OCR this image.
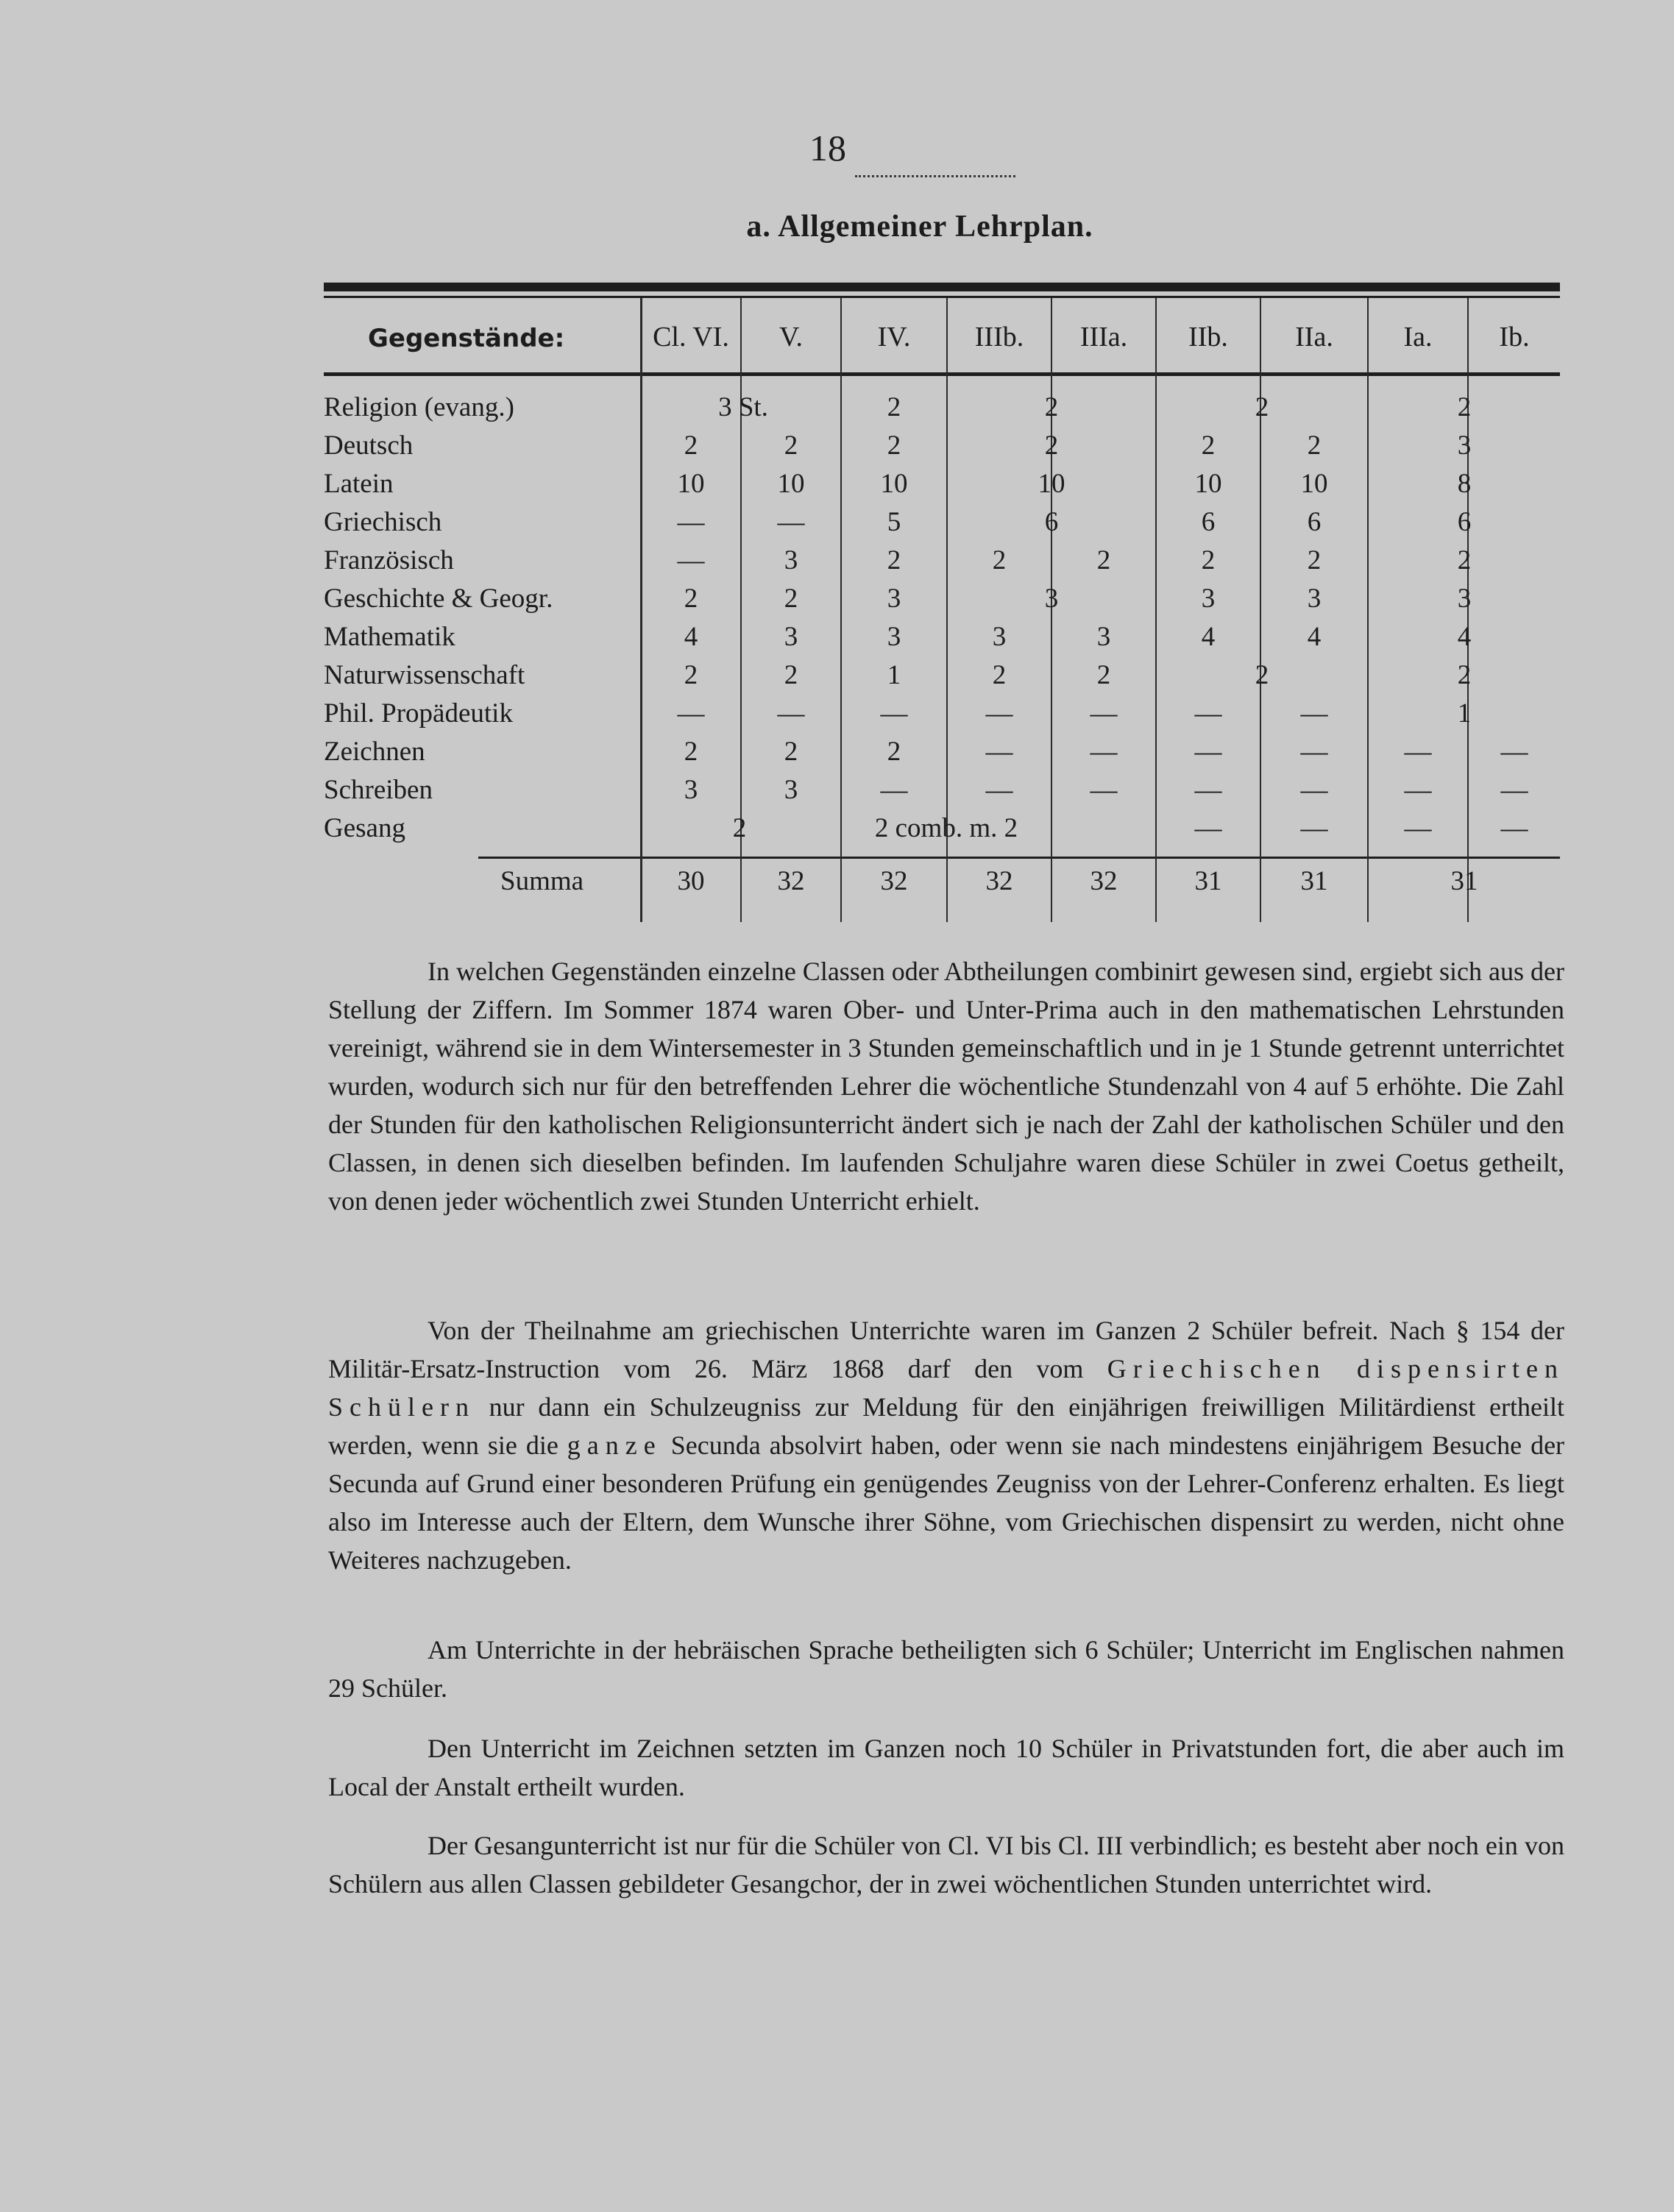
18
a. Allgemeiner Lehrplan.
Gegenstände:	Cl. VI.	V.	IV.	IIIb.	IIIa.	IIb.	IIa.	Ia.	Ib.
Religion (evang.)	3 St.	2	2	2	2
Deutsch	2	2	2	2	2	2	3
Latein	10	10	10	10	10	10	8
Griechisch	—	—	5	6	6	6	6
Französisch	—	3	2	2	2	2	2	2
Geschichte & Geogr.	2	2	3	3	3	3	3
Mathematik	4	3	3	3	3	4	4	4
Naturwissenschaft	2	2	1	2	2	2	2
Phil. Propädeutik	—	—	—	—	—	—	—	1
Zeichnen	2	2	2	—	—	—	—	—	—
Schreiben	3	3	—	—	—	—	—	—	—
Gesang	2	2 comb. m. 2	—	—	—	—
Summa	30	32	32	32	32	31	31	31
In welchen Gegenständen einzelne Classen oder Abtheilungen combinirt gewesen sind, ergiebt sich aus der Stellung der Ziffern. Im Sommer 1874 waren Ober- und Unter-Prima auch in den mathematischen Lehrstunden vereinigt, während sie in dem Wintersemester in 3 Stunden gemeinschaftlich und in je 1 Stunde getrennt unterrichtet wurden, wodurch sich nur für den betreffenden Lehrer die wöchentliche Stundenzahl von 4 auf 5 erhöhte. Die Zahl der Stunden für den katholischen Religionsunterricht ändert sich je nach der Zahl der katholischen Schüler und den Classen, in denen sich dieselben befinden. Im laufenden Schuljahre waren diese Schüler in zwei Coetus getheilt, von denen jeder wöchentlich zwei Stunden Unterricht erhielt.
Von der Theilnahme am griechischen Unterrichte waren im Ganzen 2 Schüler befreit. Nach § 154 der Militär-Ersatz-Instruction vom 26. März 1868 darf den vom Griechischen dispensirten Schülern nur dann ein Schulzeugniss zur Meldung für den einjährigen freiwilligen Militärdienst ertheilt werden, wenn sie die ganze Secunda absolvirt haben, oder wenn sie nach mindestens einjährigem Besuche der Secunda auf Grund einer besonderen Prüfung ein genügendes Zeugniss von der Lehrer-Conferenz erhalten. Es liegt also im Interesse auch der Eltern, dem Wunsche ihrer Söhne, vom Griechischen dispensirt zu werden, nicht ohne Weiteres nachzugeben.
Am Unterrichte in der hebräischen Sprache betheiligten sich 6 Schüler; Unterricht im Englischen nahmen 29 Schüler.
Den Unterricht im Zeichnen setzten im Ganzen noch 10 Schüler in Privatstunden fort, die aber auch im Local der Anstalt ertheilt wurden.
Der Gesangunterricht ist nur für die Schüler von Cl. VI bis Cl. III verbindlich; es besteht aber noch ein von Schülern aus allen Classen gebildeter Gesangchor, der in zwei wöchentlichen Stunden unterrichtet wird.
